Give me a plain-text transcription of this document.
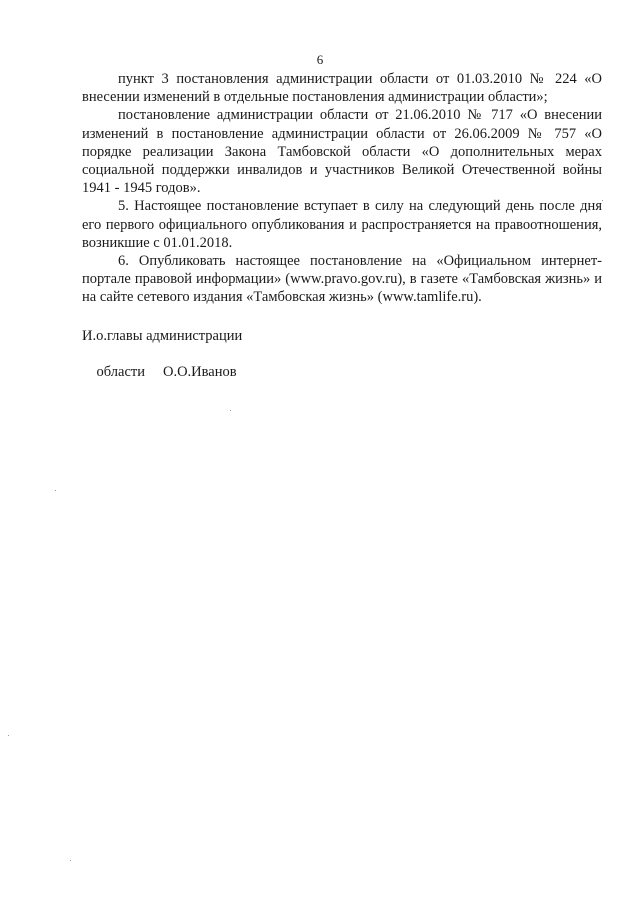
6

пункт 3 постановления администрации области от 01.03.2010 № 224 «О внесении изменений в отдельные постановления администрации области»;

постановление администрации области от 21.06.2010 № 717 «О внесении изменений в постановление администрации области от 26.06.2009 № 757 «О порядке реализации Закона Тамбовской области «О дополнительных мерах социальной поддержки инвалидов и участников Великой Отечественной войны 1941 - 1945 годов».

5. Настоящее постановление вступает в силу на следующий день после дня его первого официального опубликования и распространяется на правоотношения, возникшие с 01.01.2018.

6. Опубликовать настоящее постановление на «Официальном интернет-портале правовой информации» (www.pravo.gov.ru), в газете «Тамбовская жизнь» и на сайте сетевого издания «Тамбовская жизнь» (www.tamlife.ru).

И.о.главы администрации

области О.О.Иванов
